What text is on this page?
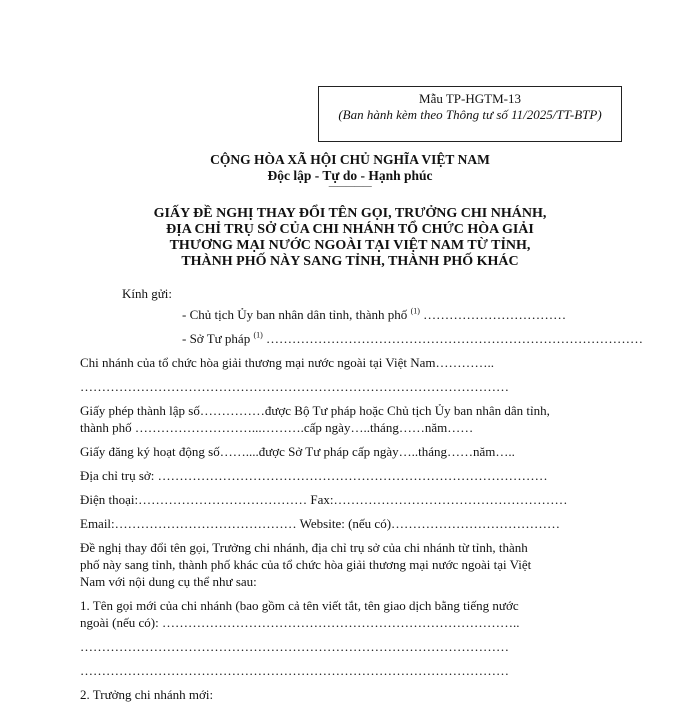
Mẫu TP-HGTM-13
(Ban hành kèm theo Thông tư số 11/2025/TT-BTP)
CỘNG HÒA XÃ HỘI CHỦ NGHĨA VIỆT NAM
Độc lập - Tự do - Hạnh phúc
—————
GIẤY ĐỀ NGHỊ THAY ĐỔI TÊN GỌI, TRƯỞNG CHI NHÁNH,
ĐỊA CHỈ TRỤ SỞ CỦA CHI NHÁNH TỔ CHỨC HÒA GIẢI
THƯƠNG MẠI NƯỚC NGOÀI TẠI VIỆT NAM TỪ TỈNH,
THÀNH PHỐ NÀY SANG TỈNH, THÀNH PHỐ KHÁC
Kính gửi:
- Chủ tịch Ủy ban nhân dân tỉnh, thành phố $^{(1)}$ ……………………………
- Sở Tư pháp $^{(1)}$ ……………………………………………………………………………
Chi nhánh của tổ chức hòa giải thương mại nước ngoài tại Việt Nam…………..
………………………………………………………………………………………
Giấy phép thành lập số……………được Bộ Tư pháp hoặc Chủ tịch Ủy ban nhân dân tỉnh,
thành phố ………………………...……….cấp ngày…..tháng……năm……
Giấy đăng ký hoạt động số……....được Sở Tư pháp cấp ngày…..tháng……năm…..
Địa chỉ trụ sở: ………………………………………………………………………………
Điện thoại:………………………………… Fax:………………………………………………
Email:…………………………………… Website: (nếu có)…………………………………
Đề nghị thay đổi tên gọi, Trưởng chi nhánh, địa chỉ trụ sở của chi nhánh từ tỉnh, thành
phố này sang tỉnh, thành phố khác của tổ chức hòa giải thương mại nước ngoài tại Việt
Nam với nội dung cụ thể như sau:
1. Tên gọi mới của chi nhánh (bao gồm cả tên viết tắt, tên giao dịch bằng tiếng nước
ngoài (nếu có): ………………………………………………………………………..
………………………………………………………………………………………
………………………………………………………………………………………
2. Trưởng chi nhánh mới:
